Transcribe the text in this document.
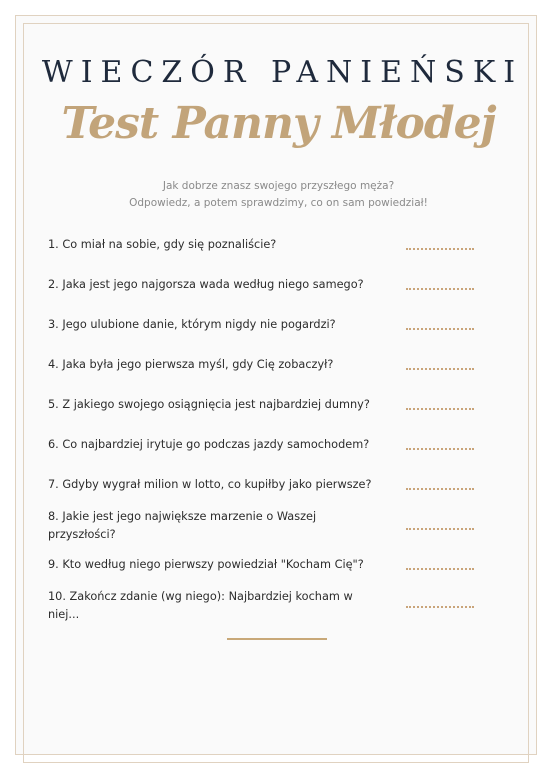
WIECZÓR PANIEŃSKI
Test Panny Młodej
Jak dobrze znasz swojego przyszłego męża?
Odpowiedz, a potem sprawdzimy, co on sam powiedział!
1. Co miał na sobie, gdy się poznaliście?
2. Jaka jest jego najgorsza wada według niego samego?
3. Jego ulubione danie, którym nigdy nie pogardzi?
4. Jaka była jego pierwsza myśl, gdy Cię zobaczył?
5. Z jakiego swojego osiągnięcia jest najbardziej dumny?
6. Co najbardziej irytuje go podczas jazdy samochodem?
7. Gdyby wygrał milion w lotto, co kupiłby jako pierwsze?
8. Jakie jest jego największe marzenie o Waszej przyszłości?
9. Kto według niego pierwszy powiedział "Kocham Cię"?
10. Zakończ zdanie (wg niego): Najbardziej kocham w niej...
